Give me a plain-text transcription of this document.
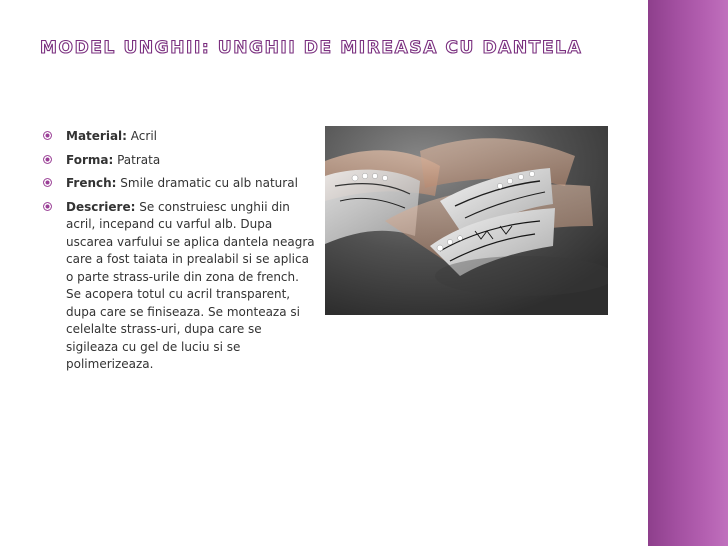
MODEL UNGHII: UNGHII DE MIREASA CU DANTELA
Material: Acril
Forma: Patrata
French: Smile dramatic cu alb natural
Descriere: Se construiesc unghii din acril, incepand cu varful alb. Dupa uscarea varfului se aplica dantela neagra care a fost taiata in prealabil si se aplica o parte strass-urile din zona de french. Se acopera totul cu acril transparent, dupa care se finiseaza. Se monteaza si celelalte strass-uri, dupa care se sigileaza cu gel de luciu si se polimerizeaza.
